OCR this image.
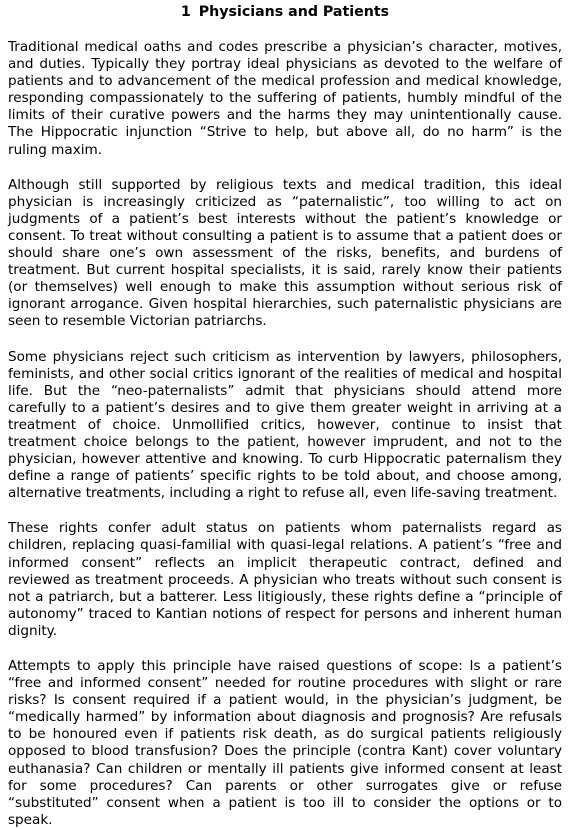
1 Physicians and Patients

Traditional medical oaths and codes prescribe a physician’s character, motives, and duties. Typically they portray ideal physicians as devoted to the welfare of patients and to advancement of the medical profession and medical knowledge, responding compassionately to the suffering of patients, humbly mindful of the limits of their curative powers and the harms they may unintentionally cause. The Hippocratic injunction “Strive to help, but above all, do no harm” is the ruling maxim.

Although still supported by religious texts and medical tradition, this ideal physician is increasingly criticized as “paternalistic”, too willing to act on judgments of a patient’s best interests without the patient’s knowledge or consent. To treat without consulting a patient is to assume that a patient does or should share one’s own assessment of the risks, benefits, and burdens of treatment. But current hospital specialists, it is said, rarely know their patients (or themselves) well enough to make this assumption without serious risk of ignorant arrogance. Given hospital hierarchies, such paternalistic physicians are seen to resemble Victorian patriarchs.

Some physicians reject such criticism as intervention by lawyers, philosophers, feminists, and other social critics ignorant of the realities of medical and hospital life. But the “neo-paternalists” admit that physicians should attend more carefully to a patient’s desires and to give them greater weight in arriving at a treatment of choice. Unmollified critics, however, continue to insist that treatment choice belongs to the patient, however imprudent, and not to the physician, however attentive and knowing. To curb Hippocratic paternalism they define a range of patients’ specific rights to be told about, and choose among, alternative treatments, including a right to refuse all, even life-saving treatment.

These rights confer adult status on patients whom paternalists regard as children, replacing quasi-familial with quasi-legal relations. A patient’s “free and informed consent” reflects an implicit therapeutic contract, defined and reviewed as treatment proceeds. A physician who treats without such consent is not a patriarch, but a batterer. Less litigiously, these rights define a “principle of autonomy” traced to Kantian notions of respect for persons and inherent human dignity.

Attempts to apply this principle have raised questions of scope: Is a patient’s “free and informed consent” needed for routine procedures with slight or rare risks? Is consent required if a patient would, in the physician’s judgment, be “medically harmed” by information about diagnosis and prognosis? Are refusals to be honoured even if patients risk death, as do surgical patients religiously opposed to blood transfusion? Does the principle (contra Kant) cover voluntary euthanasia? Can children or mentally ill patients give informed consent at least for some procedures? Can parents or other surrogates give or refuse “substituted” consent when a patient is too ill to consider the options or to speak.
